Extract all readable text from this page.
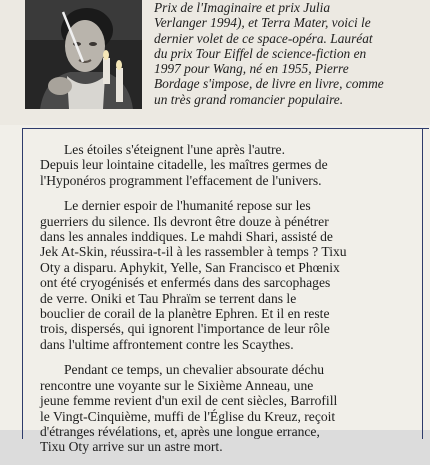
Prix de l'Imaginaire et prix Julia
Verlanger 1994), et Terra Mater, voici le
dernier volet de ce space-opéra. Lauréat
du prix Tour Eiffel de science-fiction en
1997 pour Wang, né en 1955, Pierre
Bordage s'impose, de livre en livre, comme
un très grand romancier populaire.
Les étoiles s'éteignent l'une après l'autre.
Depuis leur lointaine citadelle, les maîtres germes de
l'Hyponéros programment l'effacement de l'univers.
Le dernier espoir de l'humanité repose sur les
guerriers du silence. Ils devront être douze à pénétrer
dans les annales inddiques. Le mahdi Shari, assisté de
Jek At-Skin, réussira-t-il à les rassembler à temps ? Tixu
Oty a disparu. Aphykit, Yelle, San Francisco et Phœnix
ont été cryogénisés et enfermés dans des sarcophages
de verre. Oniki et Tau Phraïm se terrent dans le
bouclier de corail de la planètre Ephren. Et il en reste
trois, dispersés, qui ignorent l'importance de leur rôle
dans l'ultime affrontement contre les Scaythes.
Pendant ce temps, un chevalier absourate déchu
rencontre une voyante sur le Sixième Anneau, une
jeune femme revient d'un exil de cent siècles, Barrofill
le Vingt-Cinquième, muffi de l'Église du Kreuz, reçoit
d'étranges révélations, et, après une longue errance,
Tixu Oty arrive sur un astre mort.
